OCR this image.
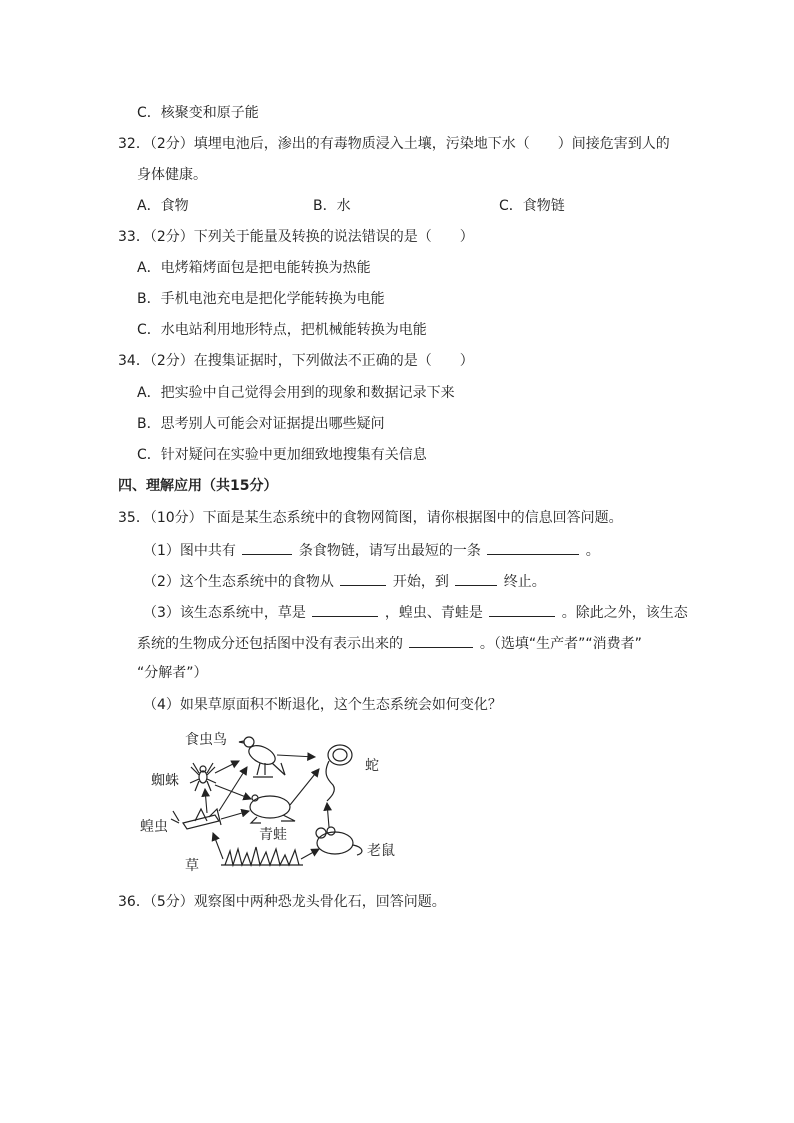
C．核聚变和原子能
32．（2分）填埋电池后，渗出的有毒物质浸入土壤，污染地下水（　　）间接危害到人的
身体健康。
A．食物	B．水	C．食物链
33．（2分）下列关于能量及转换的说法错误的是（　　）
A．电烤箱烤面包是把电能转换为热能
B．手机电池充电是把化学能转换为电能
C．水电站利用地形特点，把机械能转换为电能
34．（2分）在搜集证据时，下列做法不正确的是（　　）
A．把实验中自己觉得会用到的现象和数据记录下来
B．思考别人可能会对证据提出哪些疑问
C．针对疑问在实验中更加细致地搜集有关信息
四、理解应用（共15分）
35．（10分）下面是某生态系统中的食物网简图，请你根据图中的信息回答问题。
（1）图中共有	条食物链，请写出最短的一条	。
（2）这个生态系统中的食物从	开始，到	终止。
（3）该生态系统中，草是	，蝗虫、青蛙是	。除此之外，该生态
系统的生物成分还包括图中没有表示出来的	。（选填“生产者”“消费者”
“分解者”）
（4）如果草原面积不断退化，这个生态系统会如何变化？
食虫鸟
蜘蛛
蛇
蝗虫	青蛙
草
老鼠
36．（5分）观察图中两种恐龙头骨化石，回答问题。
